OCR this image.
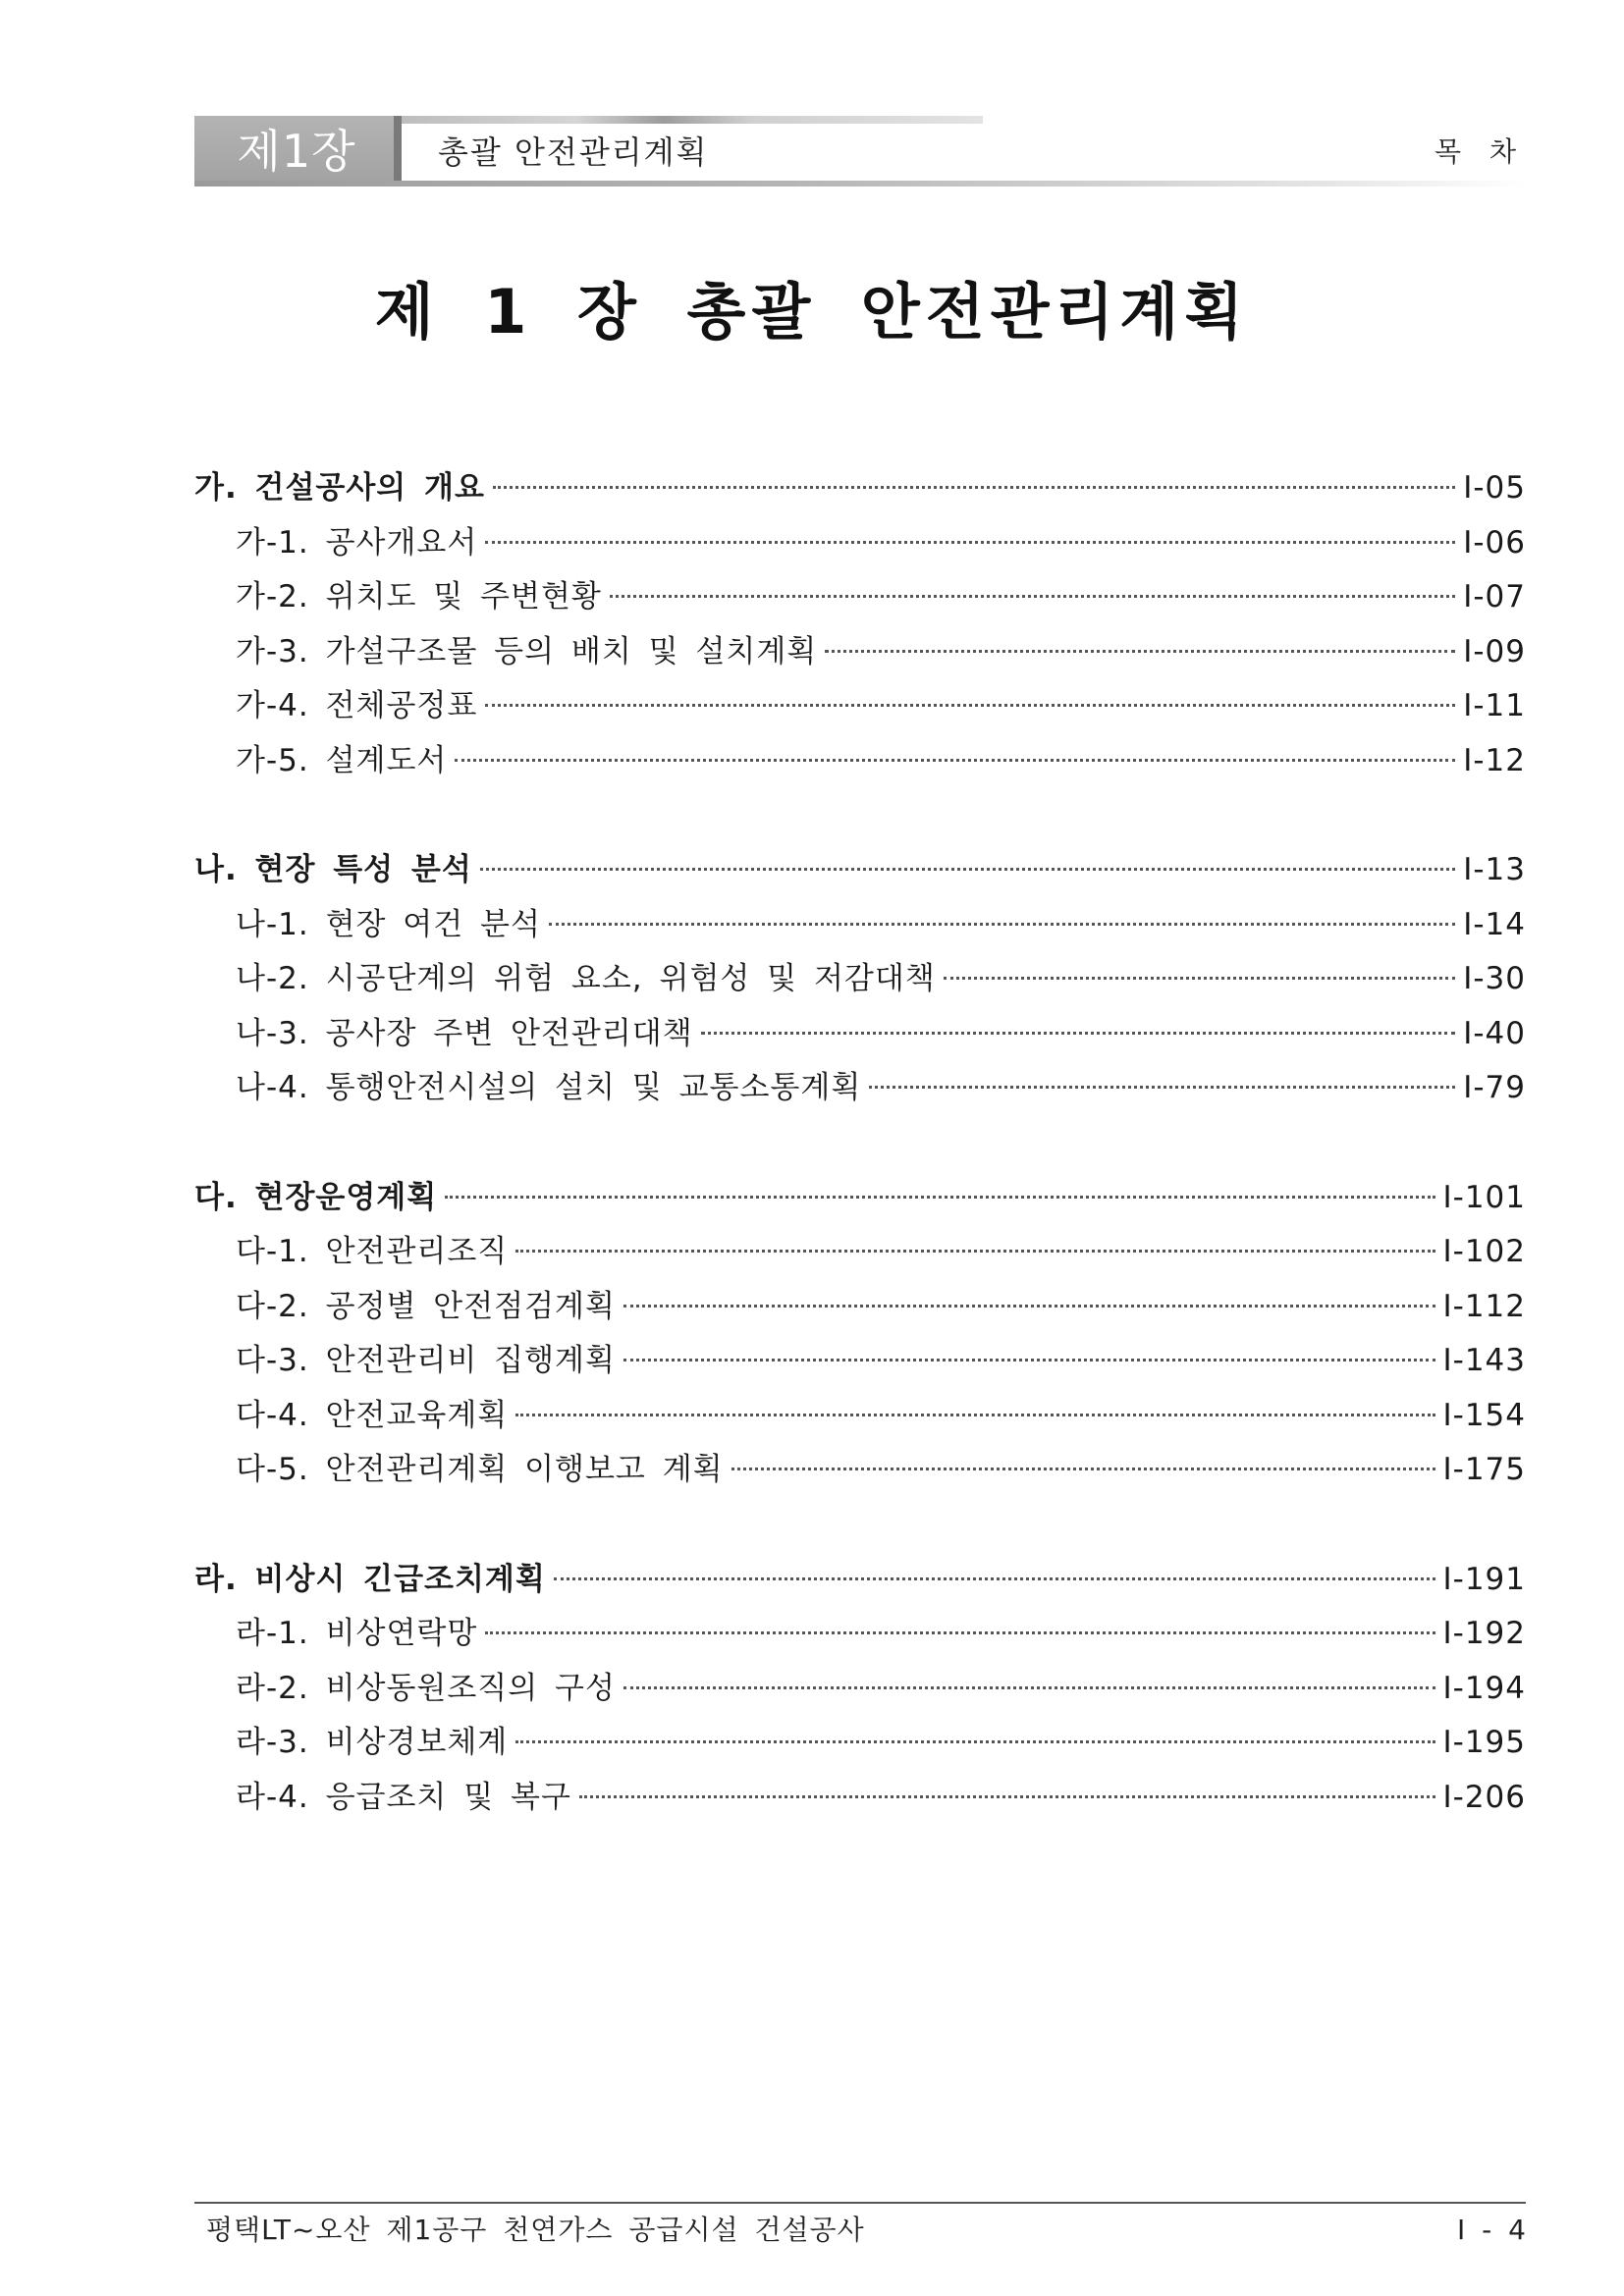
제1장	총괄 안전관리계획	목 차
제 1 장 총괄 안전관리계획
가. 건설공사의 개요	Ⅰ-05
가-1. 공사개요서	Ⅰ-06
가-2. 위치도 및 주변현황	Ⅰ-07
가-3. 가설구조물 등의 배치 및 설치계획	Ⅰ-09
가-4. 전체공정표	Ⅰ-11
가-5. 설계도서	Ⅰ-12
나. 현장 특성 분석	Ⅰ-13
나-1. 현장 여건 분석	Ⅰ-14
나-2. 시공단계의 위험 요소, 위험성 및 저감대책	Ⅰ-30
나-3. 공사장 주변 안전관리대책	Ⅰ-40
나-4. 통행안전시설의 설치 및 교통소통계획	Ⅰ-79
다. 현장운영계획	Ⅰ-101
다-1. 안전관리조직	Ⅰ-102
다-2. 공정별 안전점검계획	Ⅰ-112
다-3. 안전관리비 집행계획	Ⅰ-143
다-4. 안전교육계획	Ⅰ-154
다-5. 안전관리계획 이행보고 계획	Ⅰ-175
라. 비상시 긴급조치계획	Ⅰ-191
라-1. 비상연락망	Ⅰ-192
라-2. 비상동원조직의 구성	Ⅰ-194
라-3. 비상경보체계	Ⅰ-195
라-4. 응급조치 및 복구	Ⅰ-206
평택LT~오산 제1공구 천연가스 공급시설 건설공사	Ⅰ - 4
